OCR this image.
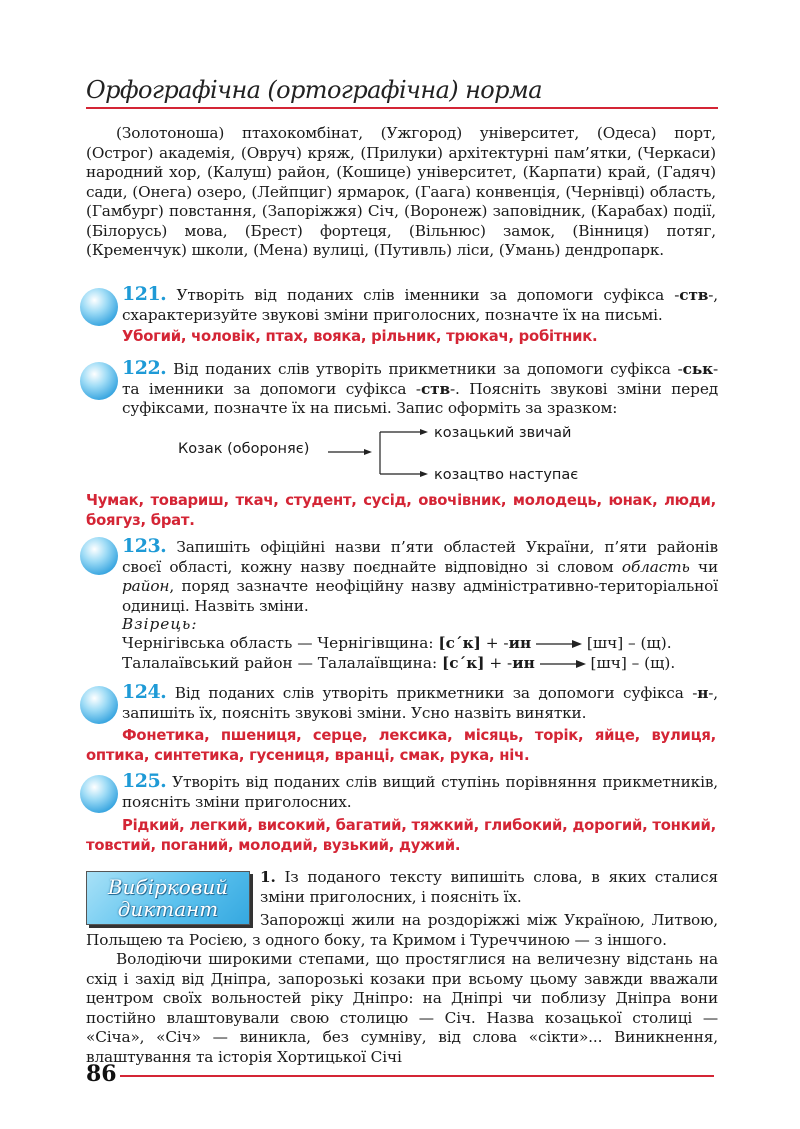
Орфографічна (ортографічна) норма
(Золотоноша) птахокомбінат, (Ужгород) університет, (Одеса) порт, (Острог) академія, (Овруч) кряж, (Прилуки) архітектурні пам’ятки, (Черкаси) народний хор, (Калуш) район, (Кошице) університет, (Карпати) край, (Гадяч) сади, (Онега) озеро, (Лейпциг) ярмарок, (Гаага) конвенція, (Чернівці) область, (Гамбург) повстання, (Запоріжжя) Січ, (Воронеж) заповідник, (Карабах) події, (Білорусь) мова, (Брест) фортеця, (Вільнюс) замок, (Вінниця) потяг, (Кременчук) школи, (Мена) вулиці, (Путивль) ліси, (Умань) дендропарк.
121. Утворіть від поданих слів іменники за допомоги суфікса -ств-, схарактеризуйте звукові зміни приголосних, позначте їх на письмі.
Убогий, чоловік, птах, вояка, рільник, трюкач, робітник.
122. Від поданих слів утворіть прикметники за допомоги суфікса -ськ- та іменники за допомоги суфікса -ств-. Поясніть звукові зміни перед суфіксами, позначте їх на письмі. Запис оформіть за зразком:
Козак (обороняє)
козацький звичай
козацтво наступає
Чумак, товариш, ткач, студент, сусід, овочівник, молодець, юнак, люди, боягуз, брат.
123. Запишіть офіційні назви п’яти областей України, п’яти районів своєї області, кожну назву поєднайте відповідно зі словом область чи район, поряд зазначте неофіційну назву адміністративно-територіальної одиниці. Назвіть зміни.
Взірець:
Чернігівська область — Чернігівщина: [с´к] + -ин	[шч] – (щ).
Талалаївський район — Талалаївщина: [с´к] + -ин	[шч] – (щ).
124. Від поданих слів утворіть прикметники за допомоги суфікса -н-, запишіть їх, поясніть звукові зміни. Усно назвіть винятки.
Фонетика, пшениця, серце, лексика, місяць, торік, яйце, вулиця, оптика, синтетика, гусениця, вранці, смак, рука, ніч.
125. Утворіть від поданих слів вищий ступінь порівняння прикметників, поясніть зміни приголосних.
Рідкий, легкий, високий, багатий, тяжкий, глибокий, дорогий, тонкий, товстий, поганий, молодий, вузький, дужий.
Вибірковий
диктант
1. Із поданого тексту випишіть слова, в яких сталися зміни приголосних, і поясніть їх.
Запорожці жили на роздоріжжі між Україною, Литвою, Польщею та Росією, з одного боку, та Кримом і Туреччиною — з іншого.
Володіючи широкими степами, що простяглися на величезну відстань на схід і захід від Дніпра, запорозькі козаки при всьому цьому завжди вважали центром своїх вольностей ріку Дніпро: на Дніпрі чи поблизу Дніпра вони постійно влаштовували свою столицю — Січ. Назва козацької столиці — «Січа», «Січ» — виникла, без сумніву, від слова «сікти»... Виникнення, влаштування та історія Хортицької Січі
86
